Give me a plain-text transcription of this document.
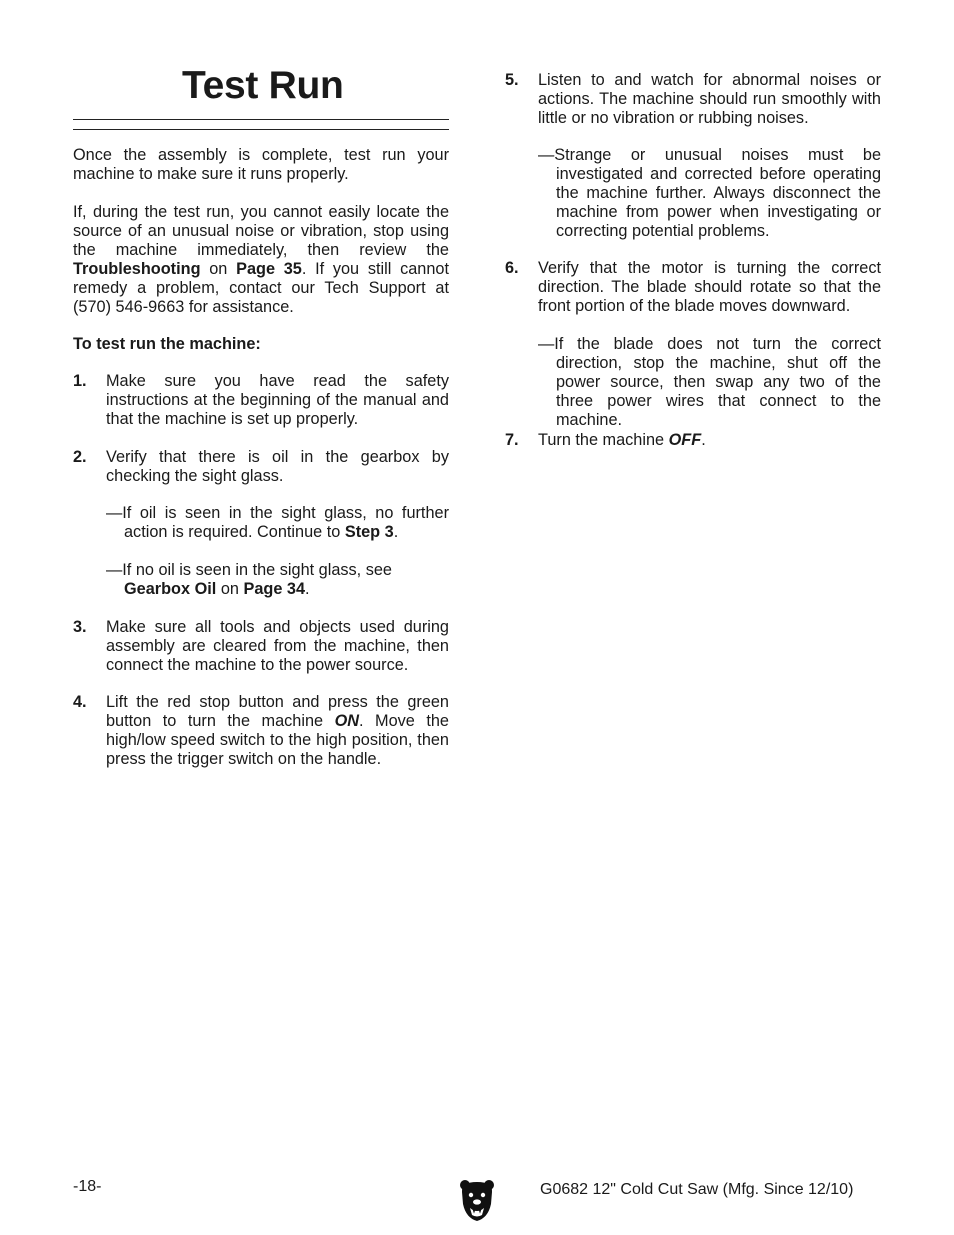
Test Run

Once the assembly is complete, test run your machine to make sure it runs properly.

If, during the test run, you cannot easily locate the source of an unusual noise or vibration, stop using the machine immediately, then review the Troubleshooting on Page 35. If you still cannot remedy a problem, contact our Tech Support at (570) 546-9663 for assistance.

To test run the machine:

1. Make sure you have read the safety instructions at the beginning of the manual and that the machine is set up properly.

2. Verify that there is oil in the gearbox by checking the sight glass.

—If oil is seen in the sight glass, no further action is required. Continue to Step 3.

—If no oil is seen in the sight glass, see
Gearbox Oil on Page 34.

3. Make sure all tools and objects used during assembly are cleared from the machine, then connect the machine to the power source.

4. Lift the red stop button and press the green button to turn the machine ON. Move the high/low speed switch to the high position, then press the trigger switch on the handle.

5. Listen to and watch for abnormal noises or actions. The machine should run smoothly with little or no vibration or rubbing noises.

—Strange or unusual noises must be investigated and corrected before operating the machine further. Always disconnect the machine from power when investigating or correcting potential problems.

6. Verify that the motor is turning the correct direction. The blade should rotate so that the front portion of the blade moves downward.

—If the blade does not turn the correct direction, stop the machine, shut off the power source, then swap any two of the three power wires that connect to the machine.

7. Turn the machine OFF.

-18-	G0682 12" Cold Cut Saw (Mfg. Since 12/10)
